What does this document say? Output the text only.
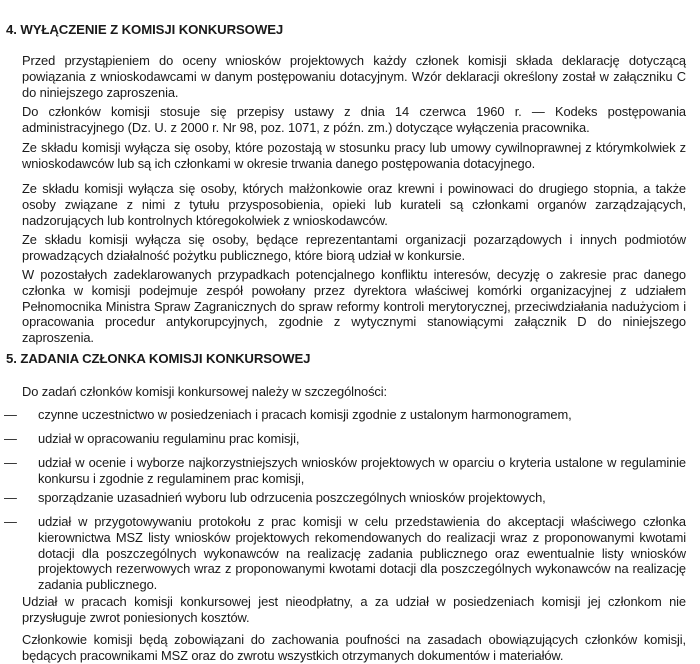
4. WYŁĄCZENIE Z KOMISJI KONKURSOWEJ

Przed przystąpieniem do oceny wniosków projektowych każdy członek komisji składa deklarację dotyczącą powiązania z wnioskodawcami w danym postępowaniu dotacyjnym. Wzór deklaracji określony został w załączniku C do niniejszego zaproszenia.

Do członków komisji stosuje się przepisy ustawy z dnia 14 czerwca 1960 r. — Kodeks postępowania administracyjnego (Dz. U. z 2000 r. Nr 98, poz. 1071, z późn. zm.) dotyczące wyłączenia pracownika.

Ze składu komisji wyłącza się osoby, które pozostają w stosunku pracy lub umowy cywilnoprawnej z którymkolwiek z wnioskodawców lub są ich członkami w okresie trwania danego postępowania dotacyjnego.

Ze składu komisji wyłącza się osoby, których małżonkowie oraz krewni i powinowaci do drugiego stopnia, a także osoby związane z nimi z tytułu przysposobienia, opieki lub kurateli są członkami organów zarządzających, nadzorujących lub kontrolnych któregokolwiek z wnioskodawców.

Ze składu komisji wyłącza się osoby, będące reprezentantami organizacji pozarządowych i innych podmiotów prowadzących działalność pożytku publicznego, które biorą udział w konkursie.

W pozostałych zadeklarowanych przypadkach potencjalnego konfliktu interesów, decyzję o zakresie prac danego członka w komisji podejmuje zespół powołany przez dyrektora właściwej komórki organizacyjnej z udziałem Pełnomocnika Ministra Spraw Zagranicznych do spraw reformy kontroli merytorycznej, przeciwdziałania nadużyciom i opracowania procedur antykorupcyjnych, zgodnie z wytycznymi stanowiącymi załącznik D do niniejszego zaproszenia.

5. ZADANIA CZŁONKA KOMISJI KONKURSOWEJ

Do zadań członków komisji konkursowej należy w szczególności:

— czynne uczestnictwo w posiedzeniach i pracach komisji zgodnie z ustalonym harmonogramem,
— udział w opracowaniu regulaminu prac komisji,
— udział w ocenie i wyborze najkorzystniejszych wniosków projektowych w oparciu o kryteria ustalone w regulaminie konkursu i zgodnie z regulaminem prac komisji,
— sporządzanie uzasadnień wyboru lub odrzucenia poszczególnych wniosków projektowych,
— udział w przygotowywaniu protokołu z prac komisji w celu przedstawienia do akceptacji właściwego członka kierownictwa MSZ listy wniosków projektowych rekomendowanych do realizacji wraz z proponowanymi kwotami dotacji dla poszczególnych wykonawców na realizację zadania publicznego oraz ewentualnie listy wniosków projektowych rezerwowych wraz z proponowanymi kwotami dotacji dla poszczególnych wykonawców na realizację zadania publicznego.

Udział w pracach komisji konkursowej jest nieodpłatny, a za udział w posiedzeniach komisji jej członkom nie przysługuje zwrot poniesionych kosztów.

Członkowie komisji będą zobowiązani do zachowania poufności na zasadach obowiązujących członków komisji, będących pracownikami MSZ oraz do zwrotu wszystkich otrzymanych dokumentów i materiałów.
